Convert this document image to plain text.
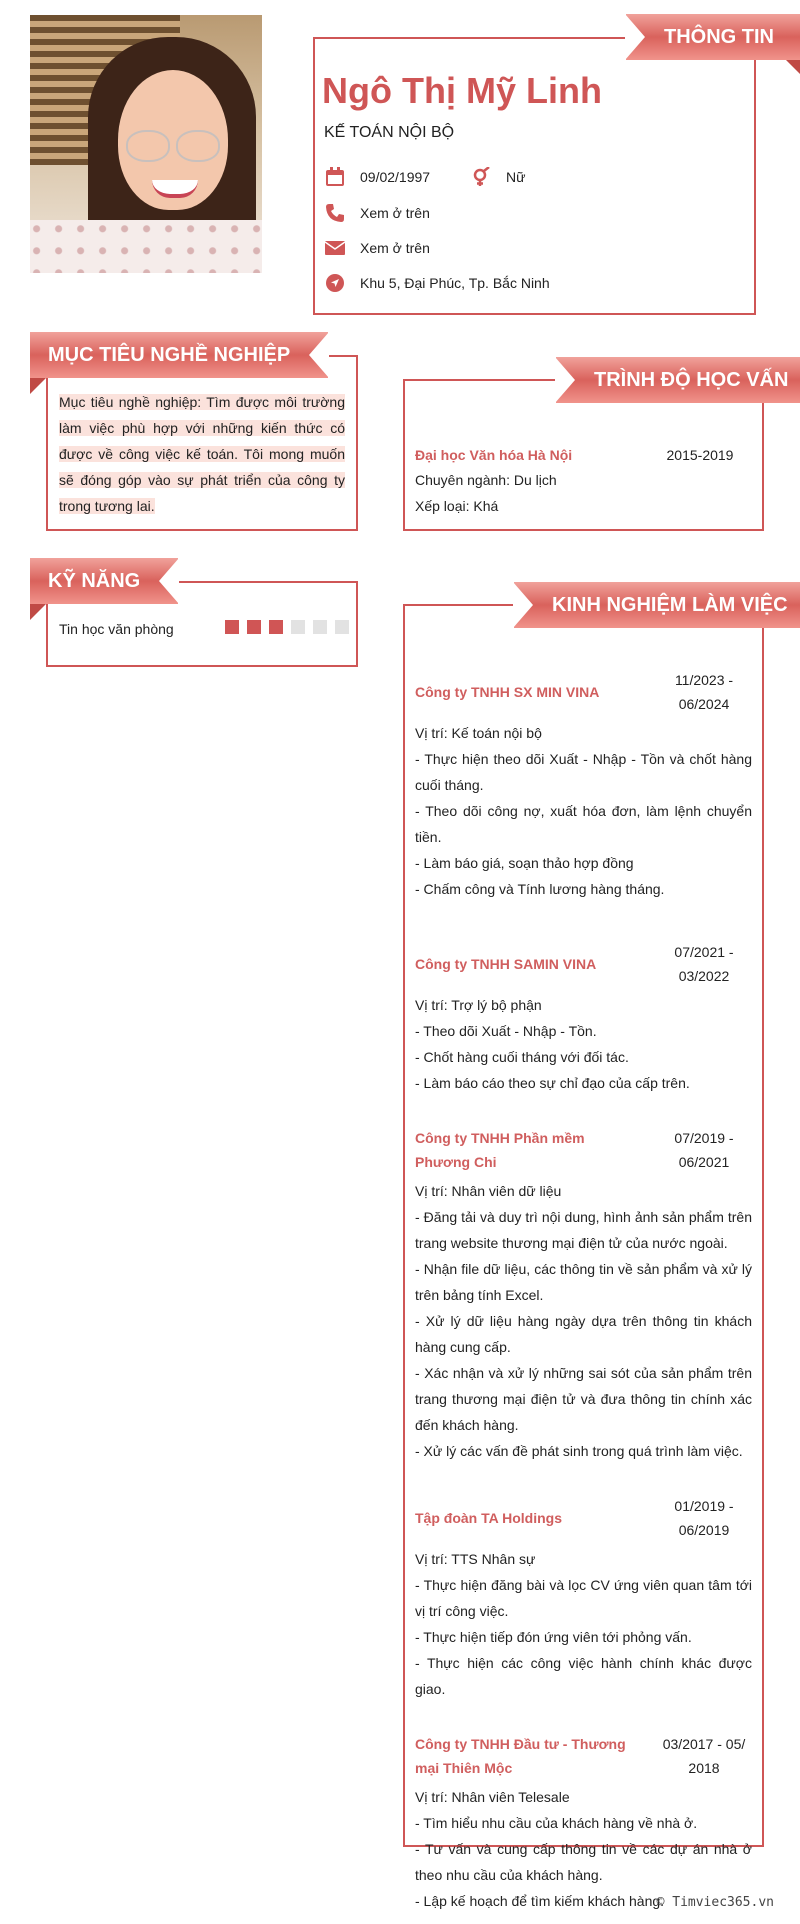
THÔNG TIN
Ngô Thị Mỹ Linh
KẾ TOÁN NỘI BỘ
09/02/1997	Nữ
Xem ở trên
Xem ở trên
Khu 5, Đại Phúc, Tp. Bắc Ninh
MỤC TIÊU NGHỀ NGHIỆP
Mục tiêu nghề nghiệp: Tìm được môi trường làm việc phù hợp với những kiến thức có được về công việc kế toán. Tôi mong muốn sẽ đóng góp vào sự phát triển của công ty trong tương lai.
TRÌNH ĐỘ HỌC VẤN
Đại học Văn hóa Hà Nội	2015-2019
Chuyên ngành: Du lịch
Xếp loại: Khá
KỸ NĂNG
Tin học văn phòng
KINH NGHIỆM LÀM VIỆC
Công ty TNHH SX MIN VINA
11/2023 - 06/2024
Vị trí: Kế toán nội bộ
- Thực hiện theo dõi Xuất - Nhập - Tồn và chốt hàng cuối tháng.
- Theo dõi công nợ, xuất hóa đơn, làm lệnh chuyển tiền.
- Làm báo giá, soạn thảo hợp đồng
- Chấm công và Tính lương hàng tháng.
Công ty TNHH SAMIN VINA
07/2021 - 03/2022
Vị trí: Trợ lý bộ phận
- Theo dõi Xuất - Nhập - Tồn.
- Chốt hàng cuối tháng với đối tác.
- Làm báo cáo theo sự chỉ đạo của cấp trên.
Công ty TNHH Phần mềm Phương Chi
07/2019 - 06/2021
Vị trí: Nhân viên dữ liệu
- Đăng tải và duy trì nội dung, hình ảnh sản phẩm trên trang website thương mại điện tử của nước ngoài.
- Nhận file dữ liệu, các thông tin về sản phẩm và xử lý trên bảng tính Excel.
- Xử lý dữ liệu hàng ngày dựa trên thông tin khách hàng cung cấp.
- Xác nhận và xử lý những sai sót của sản phẩm trên trang thương mại điện tử và đưa thông tin chính xác đến khách hàng.
- Xử lý các vấn đề phát sinh trong quá trình làm việc.
Tập đoàn TA Holdings
01/2019 - 06/2019
Vị trí: TTS Nhân sự
- Thực hiện đăng bài và lọc CV ứng viên quan tâm tới vị trí công việc.
- Thực hiện tiếp đón ứng viên tới phỏng vấn.
- Thực hiện các công việc hành chính khác được giao.
Công ty TNHH Đầu tư - Thương mại Thiên Mộc
03/2017 - 05/ 2018
Vị trí: Nhân viên Telesale
- Tìm hiểu nhu cầu của khách hàng về nhà ở.
- Tư vấn và cung cấp thông tin về các dự án nhà ở theo nhu cầu của khách hàng.
- Lập kế hoạch để tìm kiếm khách hàng.
© Timviec365.vn
